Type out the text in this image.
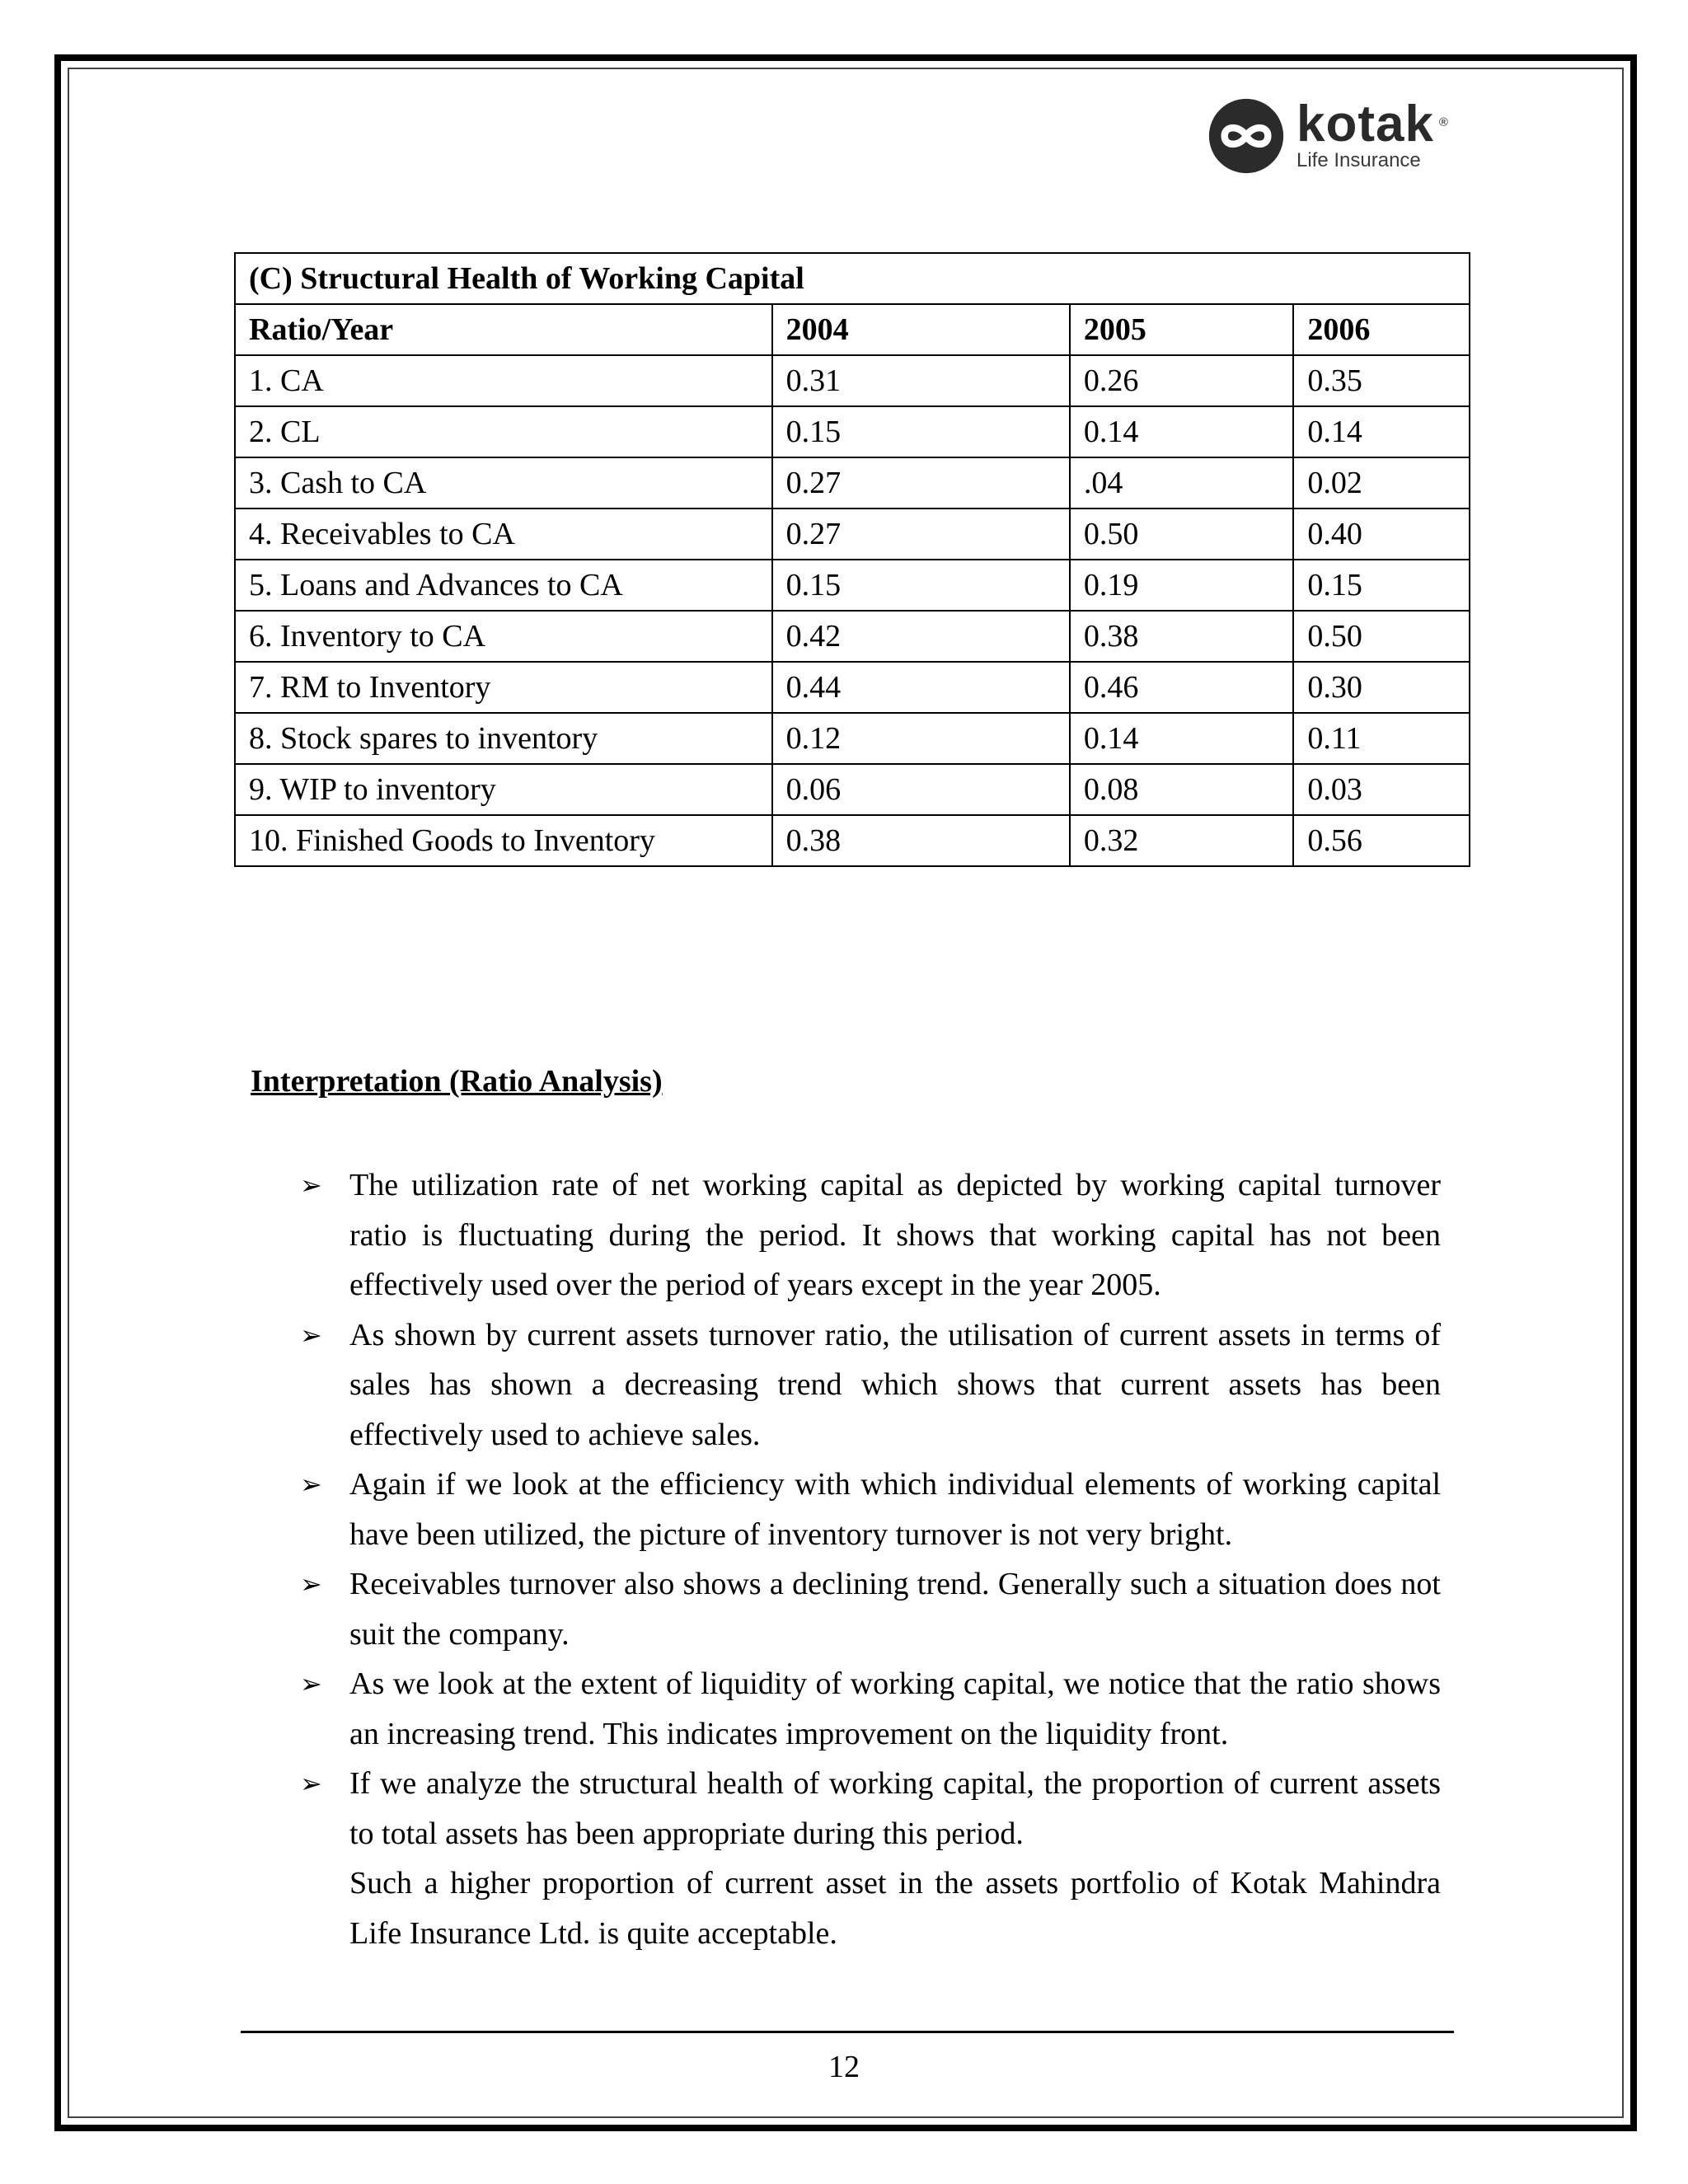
kotak ®
Life Insurance
(C) Structural Health of Working Capital			
Ratio/Year	2004	2005	2006
1. CA	0.31	0.26	0.35
2. CL	0.15	0.14	0.14
3. Cash to CA	0.27	.04	0.02
4. Receivables to CA	0.27	0.50	0.40
5. Loans and Advances to CA	0.15	0.19	0.15
6. Inventory to CA	0.42	0.38	0.50
7. RM to Inventory	0.44	0.46	0.30
8. Stock spares to inventory	0.12	0.14	0.11
9. WIP to inventory	0.06	0.08	0.03
10. Finished Goods to Inventory	0.38	0.32	0.56
Interpretation (Ratio Analysis)
➢ The utilization rate of net working capital as depicted by working capital turnover ratio is fluctuating during the period. It shows that working capital has not been effectively used over the period of years except in the year 2005.
➢ As shown by current assets turnover ratio, the utilisation of current assets in terms of sales has shown a decreasing trend which shows that current assets has been effectively used to achieve sales.
➢ Again if we look at the efficiency with which individual elements of working capital have been utilized, the picture of inventory turnover is not very bright.
➢ Receivables turnover also shows a declining trend. Generally such a situation does not suit the company.
➢ As we look at the extent of liquidity of working capital, we notice that the ratio shows an increasing trend. This indicates improvement on the liquidity front.
➢ If we analyze the structural health of working capital, the proportion of current assets to total assets has been appropriate during this period.

Such a higher proportion of current asset in the assets portfolio of Kotak Mahindra Life Insurance Ltd. is quite acceptable.

12
